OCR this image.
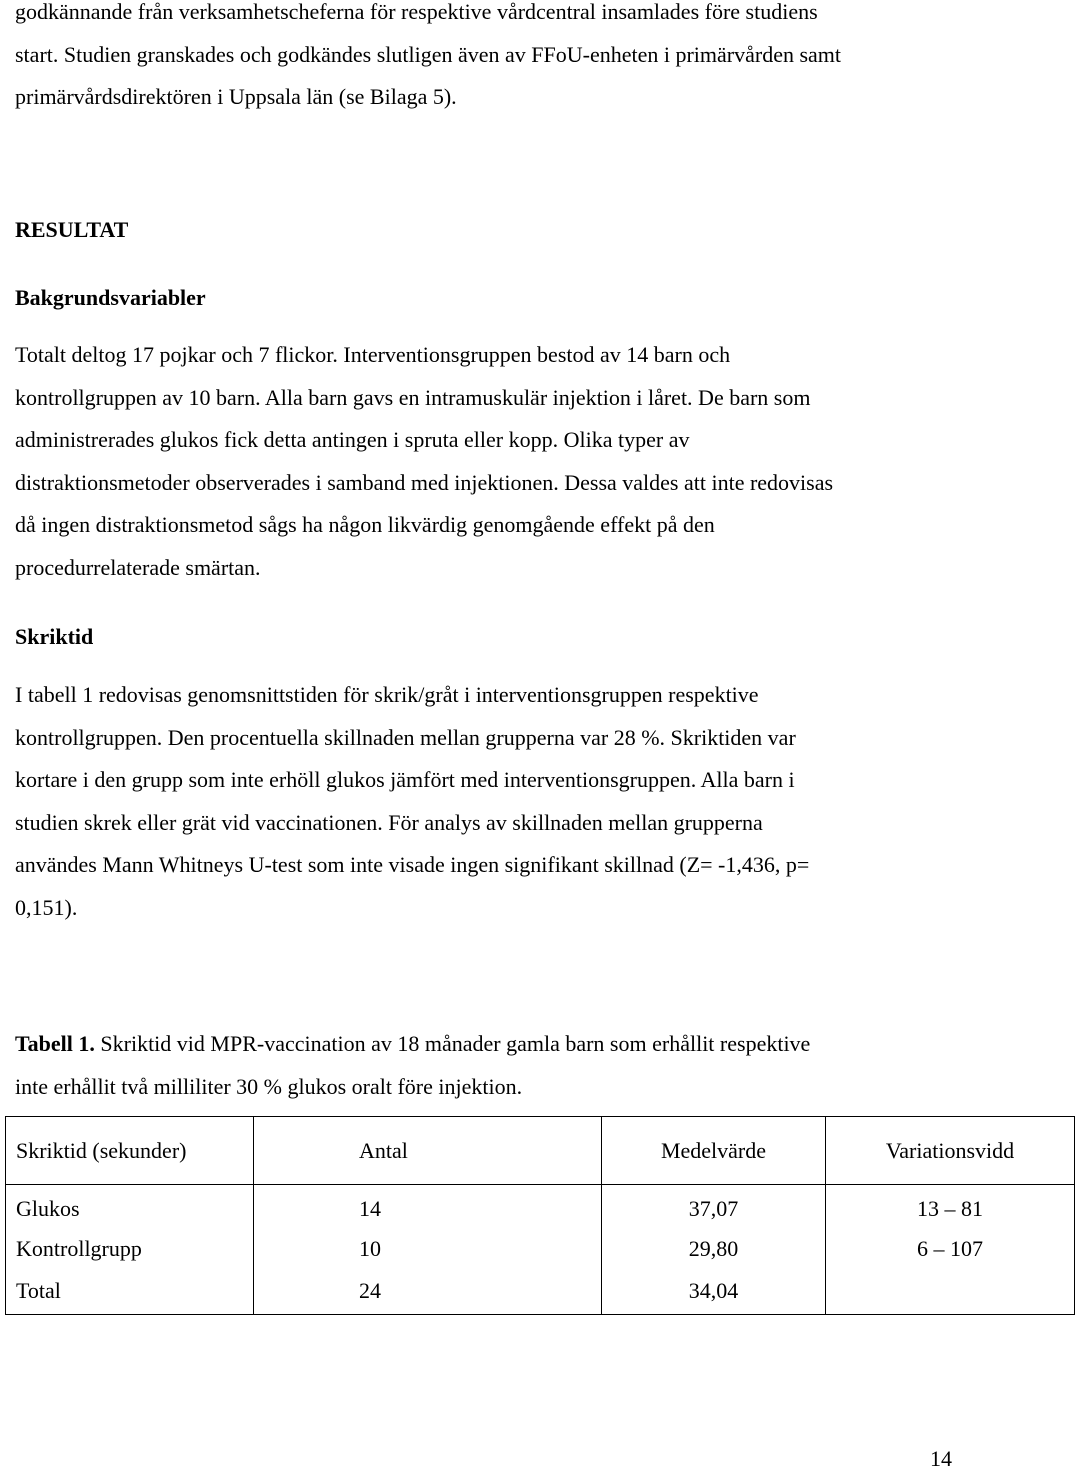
godkännande från verksamhetscheferna för respektive vårdcentral insamlades före studiens
start. Studien granskades och godkändes slutligen även av FFoU-enheten i primärvården samt
primärvårdsdirektören i Uppsala län (se Bilaga 5).

RESULTAT
Bakgrundsvariabler

Totalt deltog 17 pojkar och 7 flickor. Interventionsgruppen bestod av 14 barn och
kontrollgruppen av 10 barn. Alla barn gavs en intramuskulär injektion i låret. De barn som
administrerades glukos fick detta antingen i spruta eller kopp. Olika typer av
distraktionsmetoder observerades i samband med injektionen. Dessa valdes att inte redovisas
då ingen distraktionsmetod sågs ha någon likvärdig genomgående effekt på den
procedurrelaterade smärtan.

Skriktid

I tabell 1 redovisas genomsnittstiden för skrik/gråt i interventionsgruppen respektive
kontrollgruppen. Den procentuella skillnaden mellan grupperna var 28 %. Skriktiden var
kortare i den grupp som inte erhöll glukos jämfört med interventionsgruppen. Alla barn i
studien skrek eller grät vid vaccinationen. För analys av skillnaden mellan grupperna
användes Mann Whitneys U-test som inte visade ingen signifikant skillnad (Z= -1,436, p=
0,151).

Tabell 1. Skriktid vid MPR-vaccination av 18 månader gamla barn som erhållit respektive
inte erhållit två milliliter 30 % glukos oralt före injektion.

Skriktid (sekunder)	Antal	Medelvärde	Variationsvidd
Glukos	14	37,07	13 – 81
Kontrollgrupp	10	29,80	6 – 107
Total	24	34,04	
14
